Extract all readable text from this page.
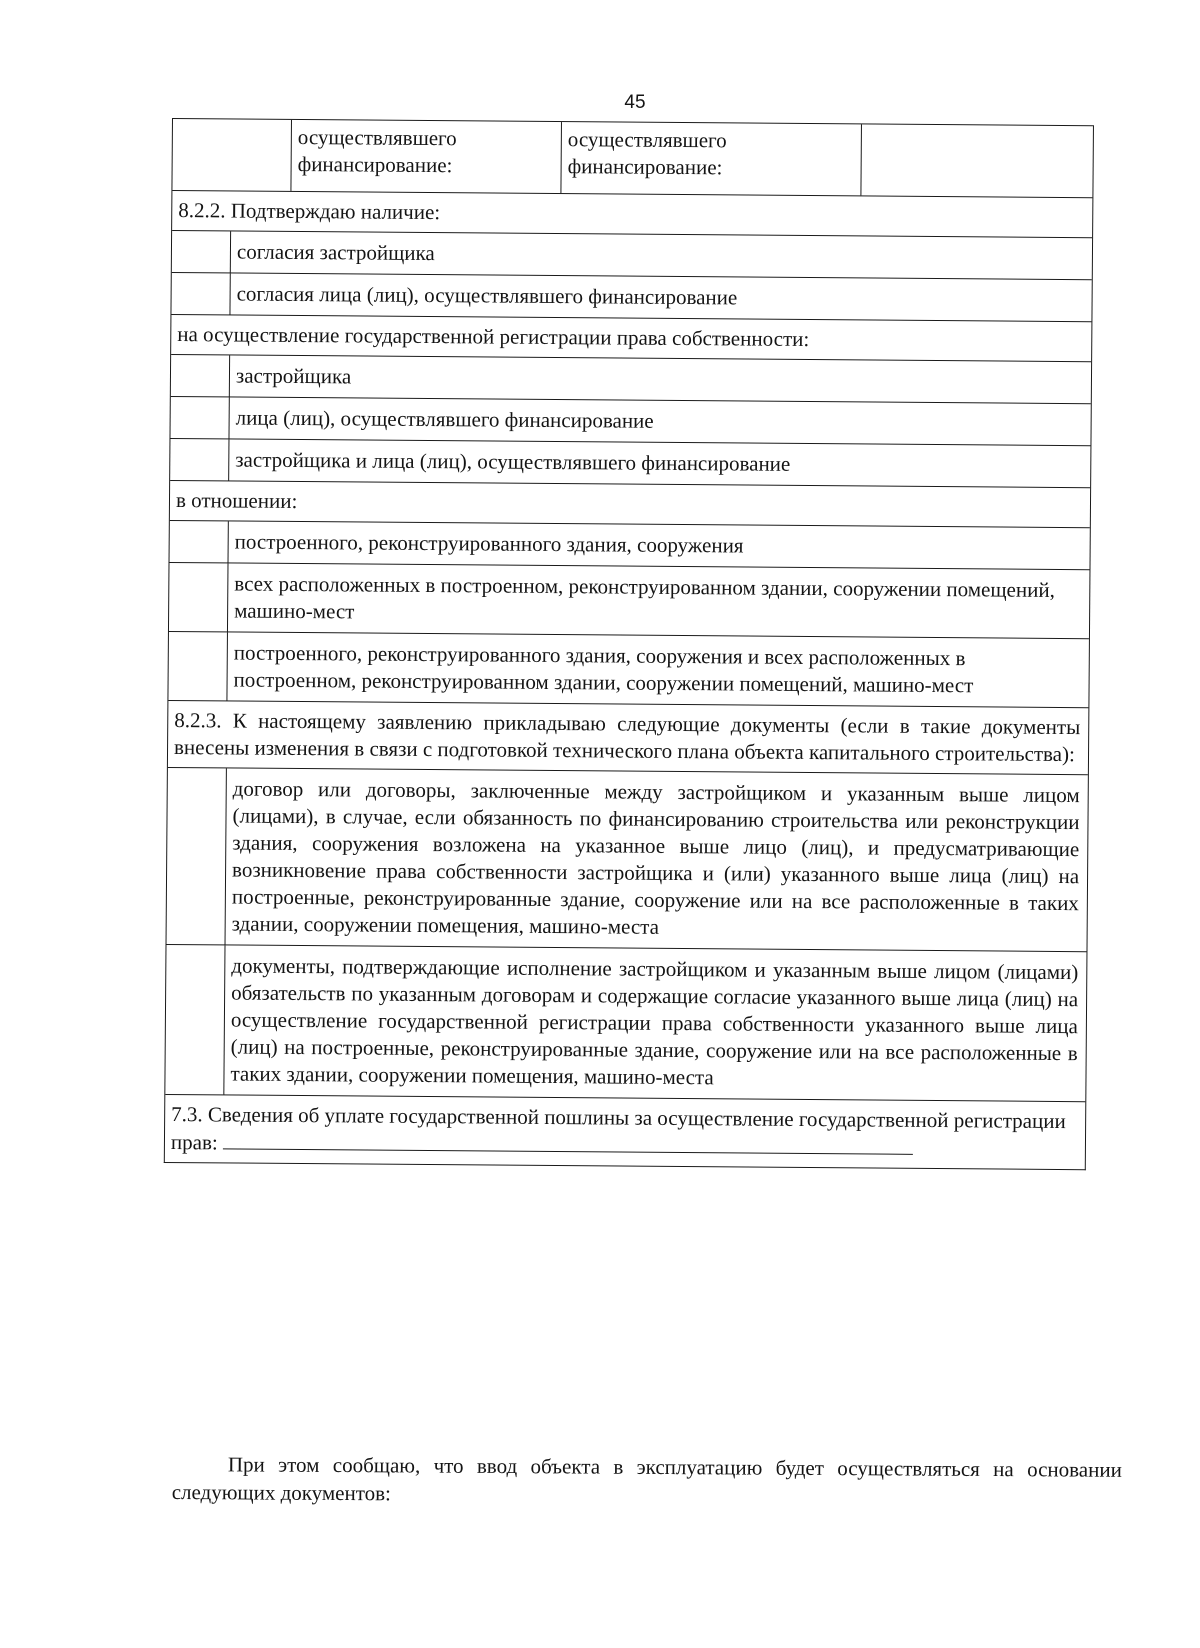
45
осуществлявшего финансирование:
осуществлявшего финансирование:
8.2.2. Подтверждаю наличие:
согласия застройщика
согласия лица (лиц), осуществлявшего финансирование
на осуществление государственной регистрации права собственности:
застройщика
лица (лиц), осуществлявшего финансирование
застройщика и лица (лиц), осуществлявшего финансирование
в отношении:
построенного, реконструированного здания, сооружения
всех расположенных в построенном, реконструированном здании, сооружении помещений, машино-мест
построенного, реконструированного здания, сооружения и всех расположенных в построенном, реконструированном здании, сооружении помещений, машино-мест
8.2.3. К настоящему заявлению прикладываю следующие документы (если в такие документы внесены изменения в связи с подготовкой технического плана объекта капитального строительства):
договор или договоры, заключенные между застройщиком и указанным выше лицом (лицами), в случае, если обязанность по финансированию строительства или реконструкции здания, сооружения возложена на указанное выше лицо (лиц), и предусматривающие возникновение права собственности застройщика и (или) указанного выше лица (лиц) на построенные, реконструированные здание, сооружение или на все расположенные в таких здании, сооружении помещения, машино-места
документы, подтверждающие исполнение застройщиком и указанным выше лицом (лицами) обязательств по указанным договорам и содержащие согласие указанного выше лица (лиц) на осуществление государственной регистрации права собственности указанного выше лица (лиц) на построенные, реконструированные здание, сооружение или на все расположенные в таких здании, сооружении помещения, машино-места
7.3. Сведения об уплате государственной пошлины за осуществление государственной регистрации прав:
При этом сообщаю, что ввод объекта в эксплуатацию будет осуществляться на основании следующих документов:
